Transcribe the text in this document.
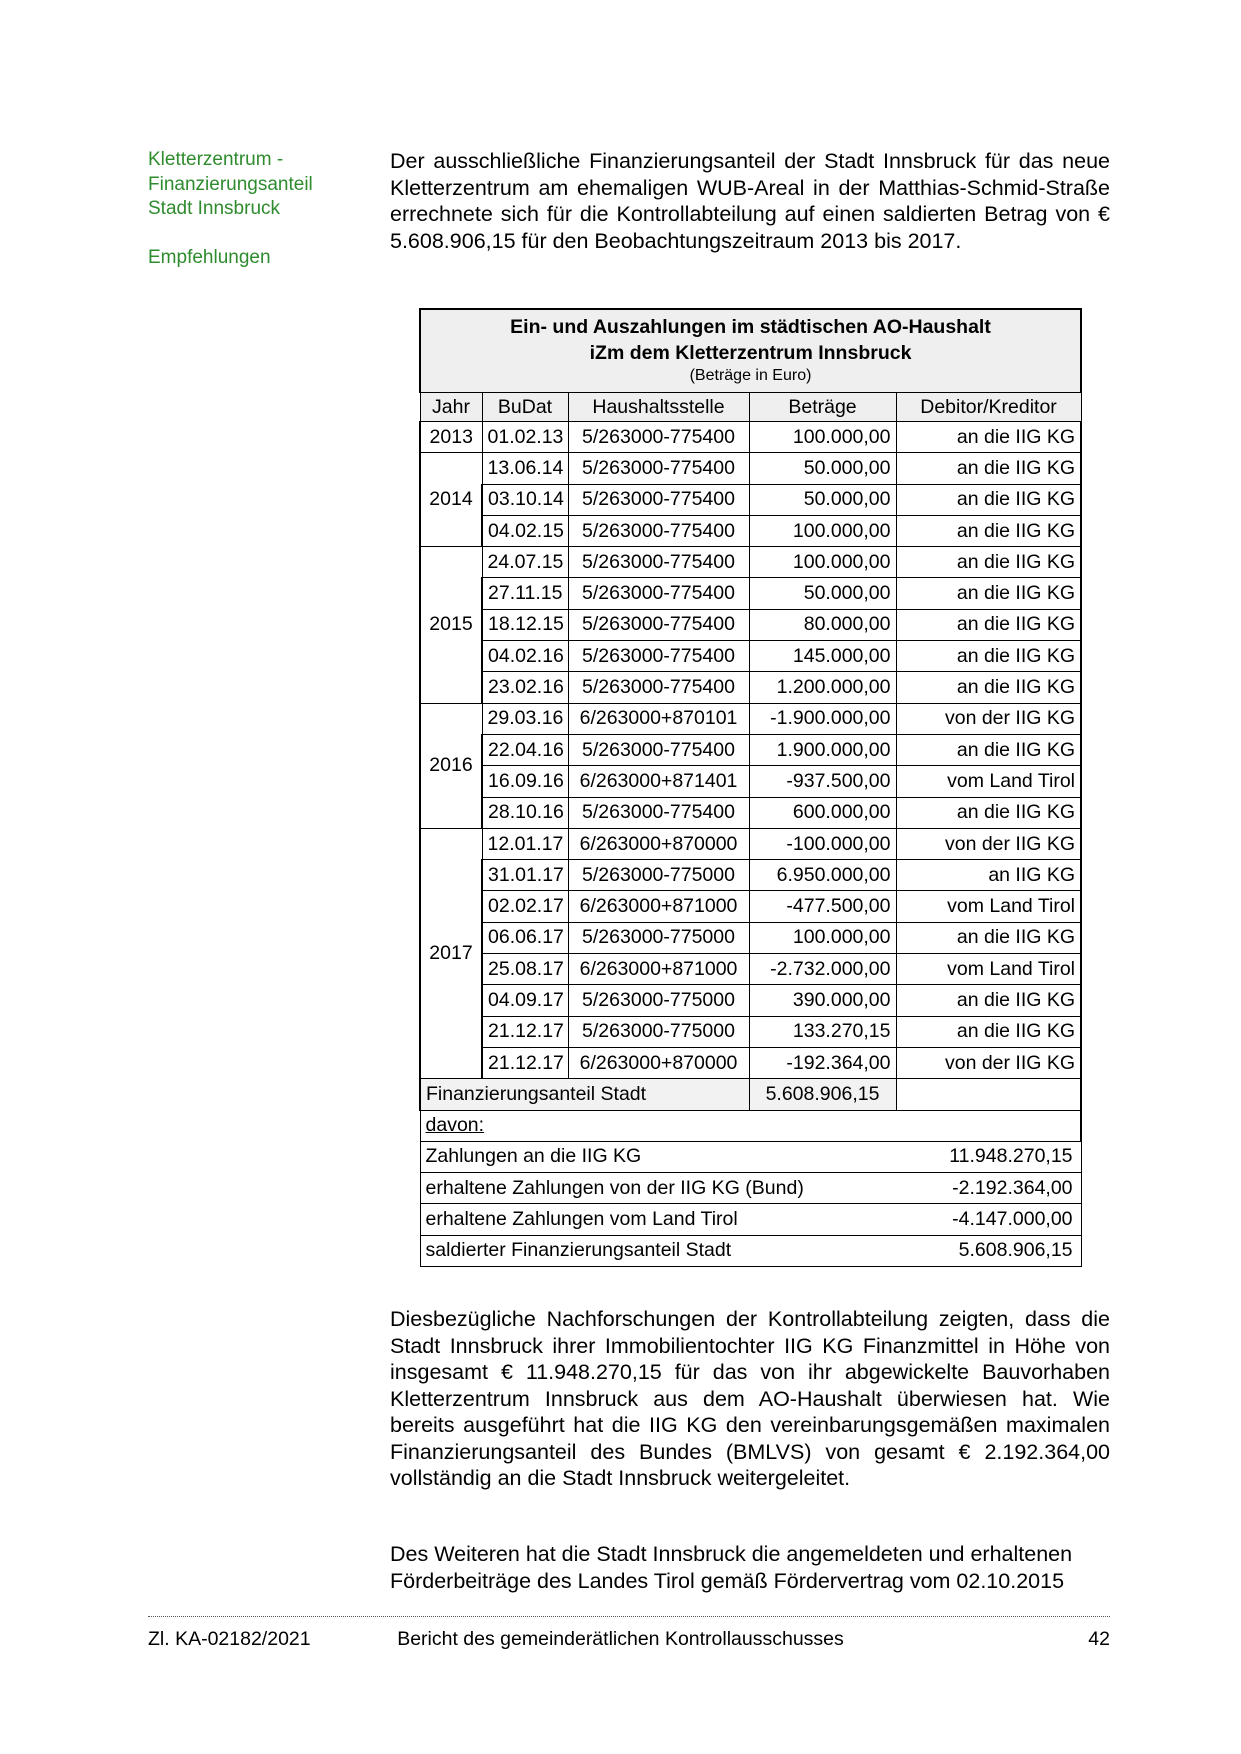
Kletterzentrum -
Finanzierungsanteil
Stadt Innsbruck
Empfehlungen

Der ausschließliche Finanzierungsanteil der Stadt Innsbruck für das neue Kletterzentrum am ehemaligen WUB-Areal in der Matthias-Schmid-Straße errechnete sich für die Kontrollabteilung auf einen saldierten Betrag von € 5.608.906,15 für den Beobachtungszeitraum 2013 bis 2017.

Ein- und Auszahlungen im städtischen AO-Haushalt
iZm dem Kletterzentrum Innsbruck
(Beträge in Euro)				

Jahr	BuDat	Haushaltsstelle	Beträge	Debitor/Kreditor
2013	01.02.13	5/263000-775400	100.000,00	an die IIG KG
2014	13.06.14	5/263000-775400	50.000,00	an die IIG KG
	03.10.14	5/263000-775400	50.000,00	an die IIG KG
	04.02.15	5/263000-775400	100.000,00	an die IIG KG
2015	24.07.15	5/263000-775400	100.000,00	an die IIG KG
	27.11.15	5/263000-775400	50.000,00	an die IIG KG
	18.12.15	5/263000-775400	80.000,00	an die IIG KG
	04.02.16	5/263000-775400	145.000,00	an die IIG KG
	23.02.16	5/263000-775400	1.200.000,00	an die IIG KG
2016	29.03.16	6/263000+870101	-1.900.000,00	von der IIG KG
	22.04.16	5/263000-775400	1.900.000,00	an die IIG KG
	16.09.16	6/263000+871401	-937.500,00	vom Land Tirol
	28.10.16	5/263000-775400	600.000,00	an die IIG KG
2017	12.01.17	6/263000+870000	-100.000,00	von der IIG KG
	31.01.17	5/263000-775000	6.950.000,00	an IIG KG
	02.02.17	6/263000+871000	-477.500,00	vom Land Tirol
	06.06.17	5/263000-775000	100.000,00	an die IIG KG
	25.08.17	6/263000+871000	-2.732.000,00	vom Land Tirol
	04.09.17	5/263000-775000	390.000,00	an die IIG KG
	21.12.17	5/263000-775000	133.270,15	an die IIG KG
	21.12.17	6/263000+870000	-192.364,00	von der IIG KG
Finanzierungsanteil Stadt			5.608.906,15	
davon:				
Zahlungen an die IIG KG				11.948.270,15
erhaltene Zahlungen von der IIG KG (Bund)				-2.192.364,00
erhaltene Zahlungen vom Land Tirol				-4.147.000,00
saldierter Finanzierungsanteil Stadt				5.608.906,15

Diesbezügliche Nachforschungen der Kontrollabteilung zeigten, dass die Stadt Innsbruck ihrer Immobilientochter IIG KG Finanzmittel in Höhe von insgesamt € 11.948.270,15 für das von ihr abgewickelte Bauvorhaben Kletterzentrum Innsbruck aus dem AO-Haushalt überwiesen hat. Wie bereits ausgeführt hat die IIG KG den vereinbarungsgemäßen maximalen Finanzierungsanteil des Bundes (BMLVS) von gesamt € 2.192.364,00 vollständig an die Stadt Innsbruck weitergeleitet.

Des Weiteren hat die Stadt Innsbruck die angemeldeten und erhaltenen Förderbeiträge des Landes Tirol gemäß Fördervertrag vom 02.10.2015

Zl. KA-02182/2021	Bericht des gemeinderätlichen Kontrollausschusses	42
